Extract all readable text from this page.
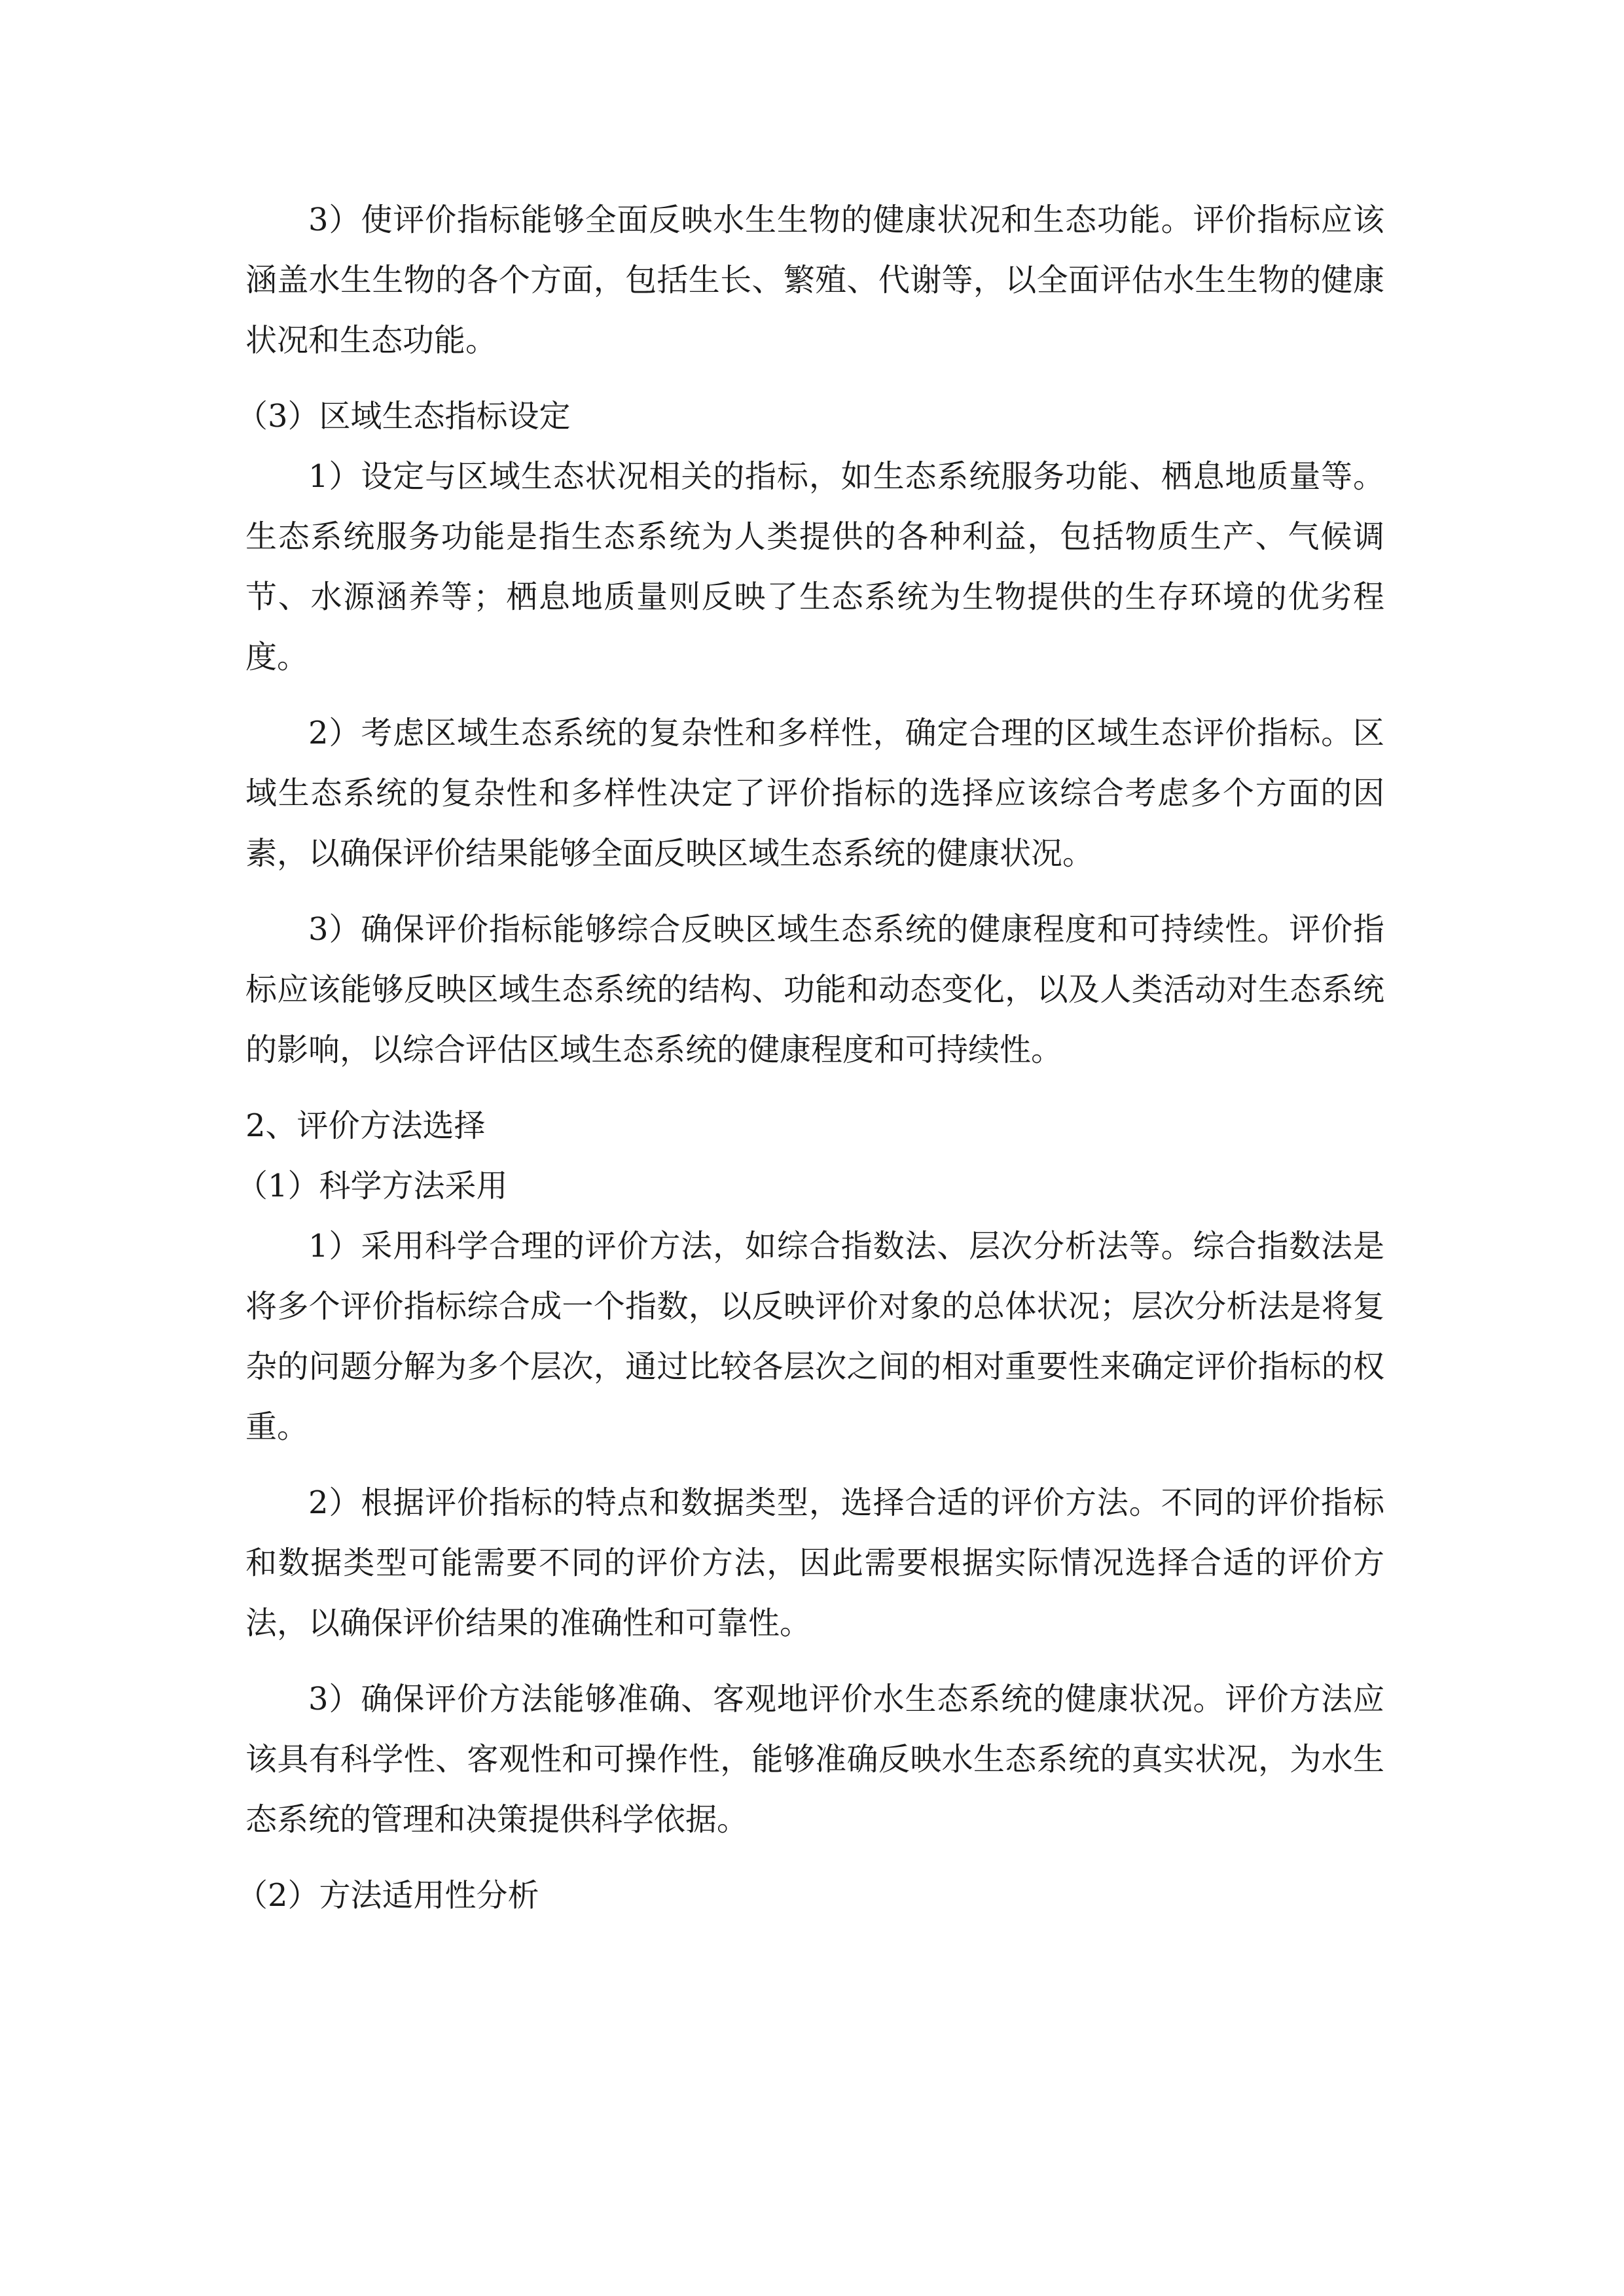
3）使评价指标能够全面反映水生生物的健康状况和生态功能。评价指标应该涵盖水生生物的各个方面，包括生长、繁殖、代谢等，以全面评估水生生物的健康状况和生态功能。

（3）区域生态指标设定

1）设定与区域生态状况相关的指标，如生态系统服务功能、栖息地质量等。生态系统服务功能是指生态系统为人类提供的各种利益，包括物质生产、气候调节、水源涵养等；栖息地质量则反映了生态系统为生物提供的生存环境的优劣程度。

2）考虑区域生态系统的复杂性和多样性，确定合理的区域生态评价指标。区域生态系统的复杂性和多样性决定了评价指标的选择应该综合考虑多个方面的因素，以确保评价结果能够全面反映区域生态系统的健康状况。

3）确保评价指标能够综合反映区域生态系统的健康程度和可持续性。评价指标应该能够反映区域生态系统的结构、功能和动态变化，以及人类活动对生态系统的影响，以综合评估区域生态系统的健康程度和可持续性。

2、评价方法选择

（1）科学方法采用

1）采用科学合理的评价方法，如综合指数法、层次分析法等。综合指数法是将多个评价指标综合成一个指数，以反映评价对象的总体状况；层次分析法是将复杂的问题分解为多个层次，通过比较各层次之间的相对重要性来确定评价指标的权重。

2）根据评价指标的特点和数据类型，选择合适的评价方法。不同的评价指标和数据类型可能需要不同的评价方法，因此需要根据实际情况选择合适的评价方法，以确保评价结果的准确性和可靠性。

3）确保评价方法能够准确、客观地评价水生态系统的健康状况。评价方法应该具有科学性、客观性和可操作性，能够准确反映水生态系统的真实状况，为水生态系统的管理和决策提供科学依据。

（2）方法适用性分析
